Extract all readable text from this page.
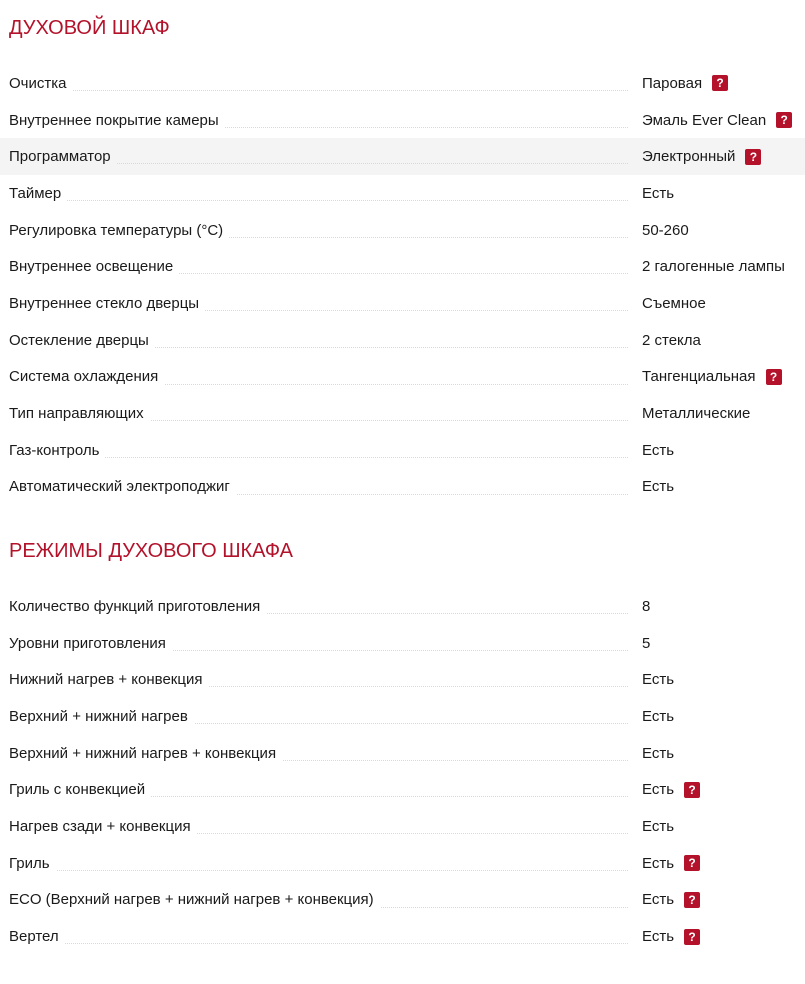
ДУХОВОЙ ШКАФ
Очистка	Паровая	?
Внутреннее покрытие камеры	Эмаль Ever Clean	?
Программатор	Электронный	?
Таймер	Есть
Регулировка температуры (°C)	50-260
Внутреннее освещение	2 галогенные лампы
Внутреннее стекло дверцы	Съемное
Остекление дверцы	2 стекла
Система охлаждения	Тангенциальная	?
Тип направляющих	Металлические
Газ-контроль	Есть
Автоматический электроподжиг	Есть
РЕЖИМЫ ДУХОВОГО ШКАФА
Количество функций приготовления	8
Уровни приготовления	5
Нижний нагрев + конвекция	Есть
Верхний + нижний нагрев	Есть
Верхний + нижний нагрев + конвекция	Есть
Гриль с конвекцией	Есть	?
Нагрев сзади + конвекция	Есть
Гриль	Есть	?
ECO (Верхний нагрев + нижний нагрев + конвекция)	Есть	?
Вертел	Есть	?
